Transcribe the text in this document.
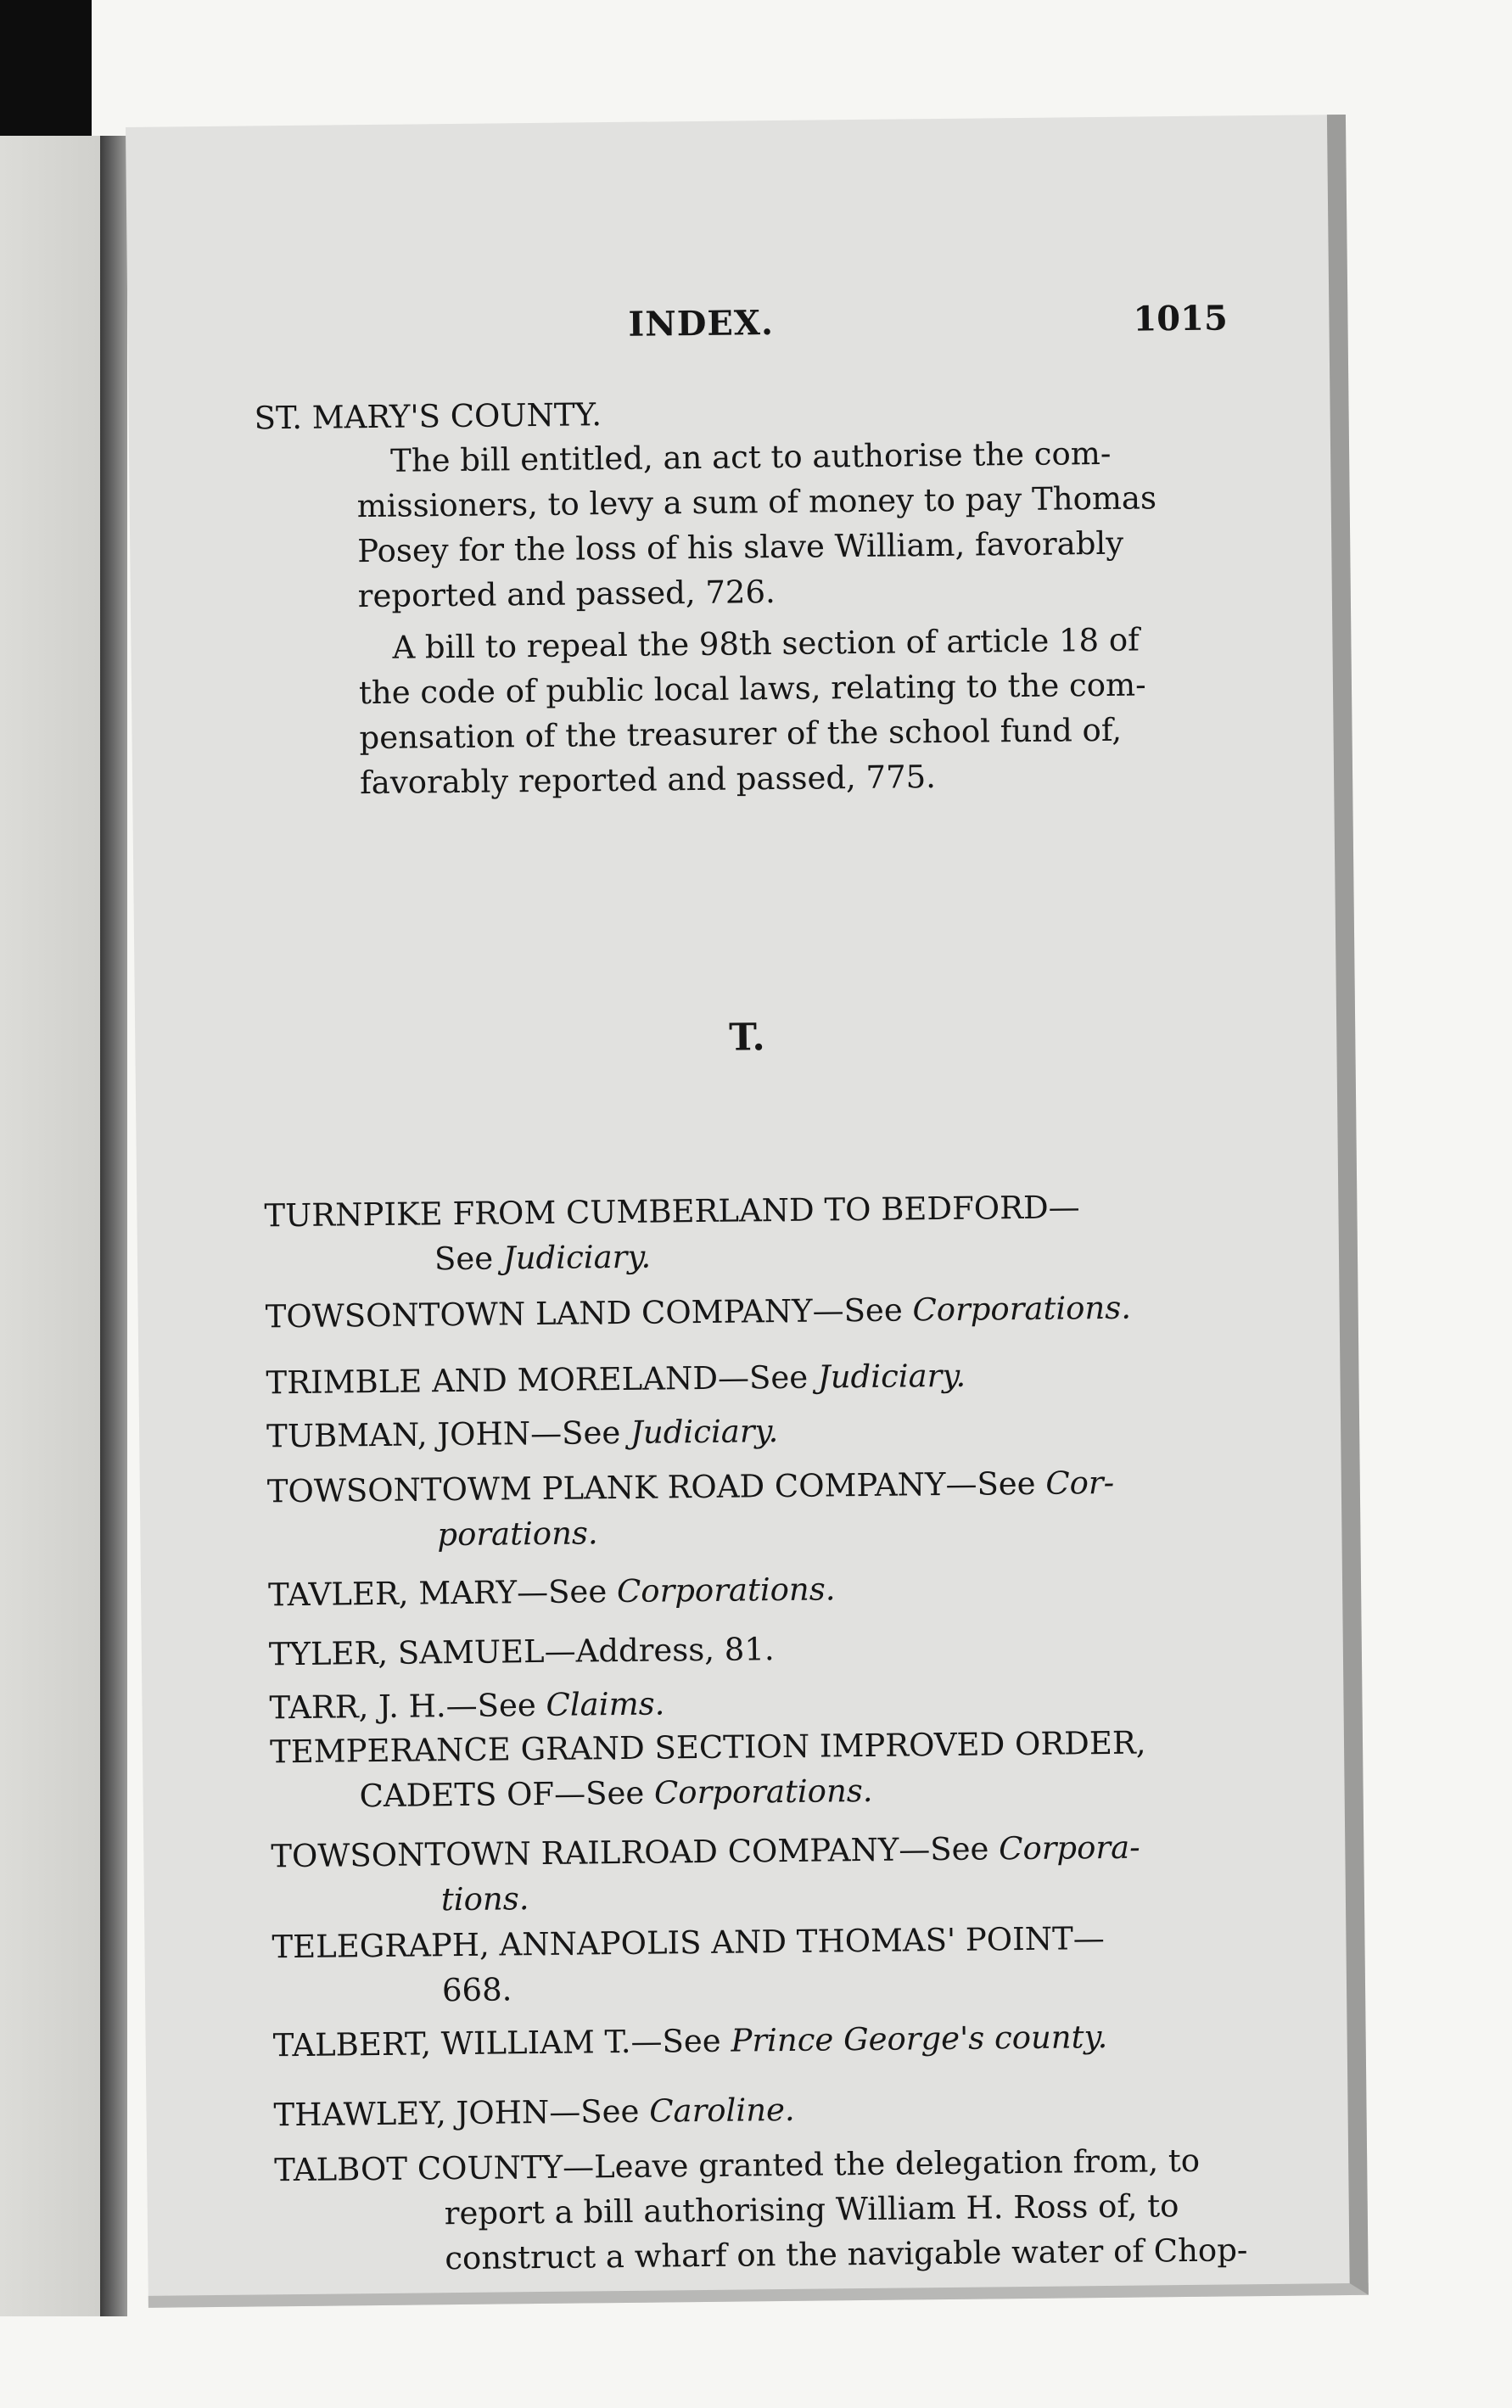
INDEX.	1015
ST. MARY'S COUNTY.
The bill entitled, an act to authorise the com-
missioners, to levy a sum of money to pay Thomas
Posey for the loss of his slave William, favorably
reported and passed, 726.
A bill to repeal the 98th section of article 18 of
the code of public local laws, relating to the com-
pensation of the treasurer of the school fund of,
favorably reported and passed, 775.
T.
TURNPIKE FROM CUMBERLAND TO BEDFORD—
See Judiciary.
TOWSONTOWN LAND COMPANY—See Corporations.
TRIMBLE AND MORELAND—See Judiciary.
TUBMAN, JOHN—See Judiciary.
TOWSONTOWM PLANK ROAD COMPANY—See Cor-
porations.
TAVLER, MARY—See Corporations.
TYLER, SAMUEL—Address, 81.
TARR, J. H.—See Claims.
TEMPERANCE GRAND SECTION IMPROVED ORDER,
CADETS OF—See Corporations.
TOWSONTOWN RAILROAD COMPANY—See Corpora-
tions.
TELEGRAPH, ANNAPOLIS AND THOMAS' POINT—
668.
TALBERT, WILLIAM T.—See Prince George's county.
THAWLEY, JOHN—See Caroline.
TALBOT COUNTY—Leave granted the delegation from, to
report a bill authorising William H. Ross of, to
construct a wharf on the navigable water of Chop-
